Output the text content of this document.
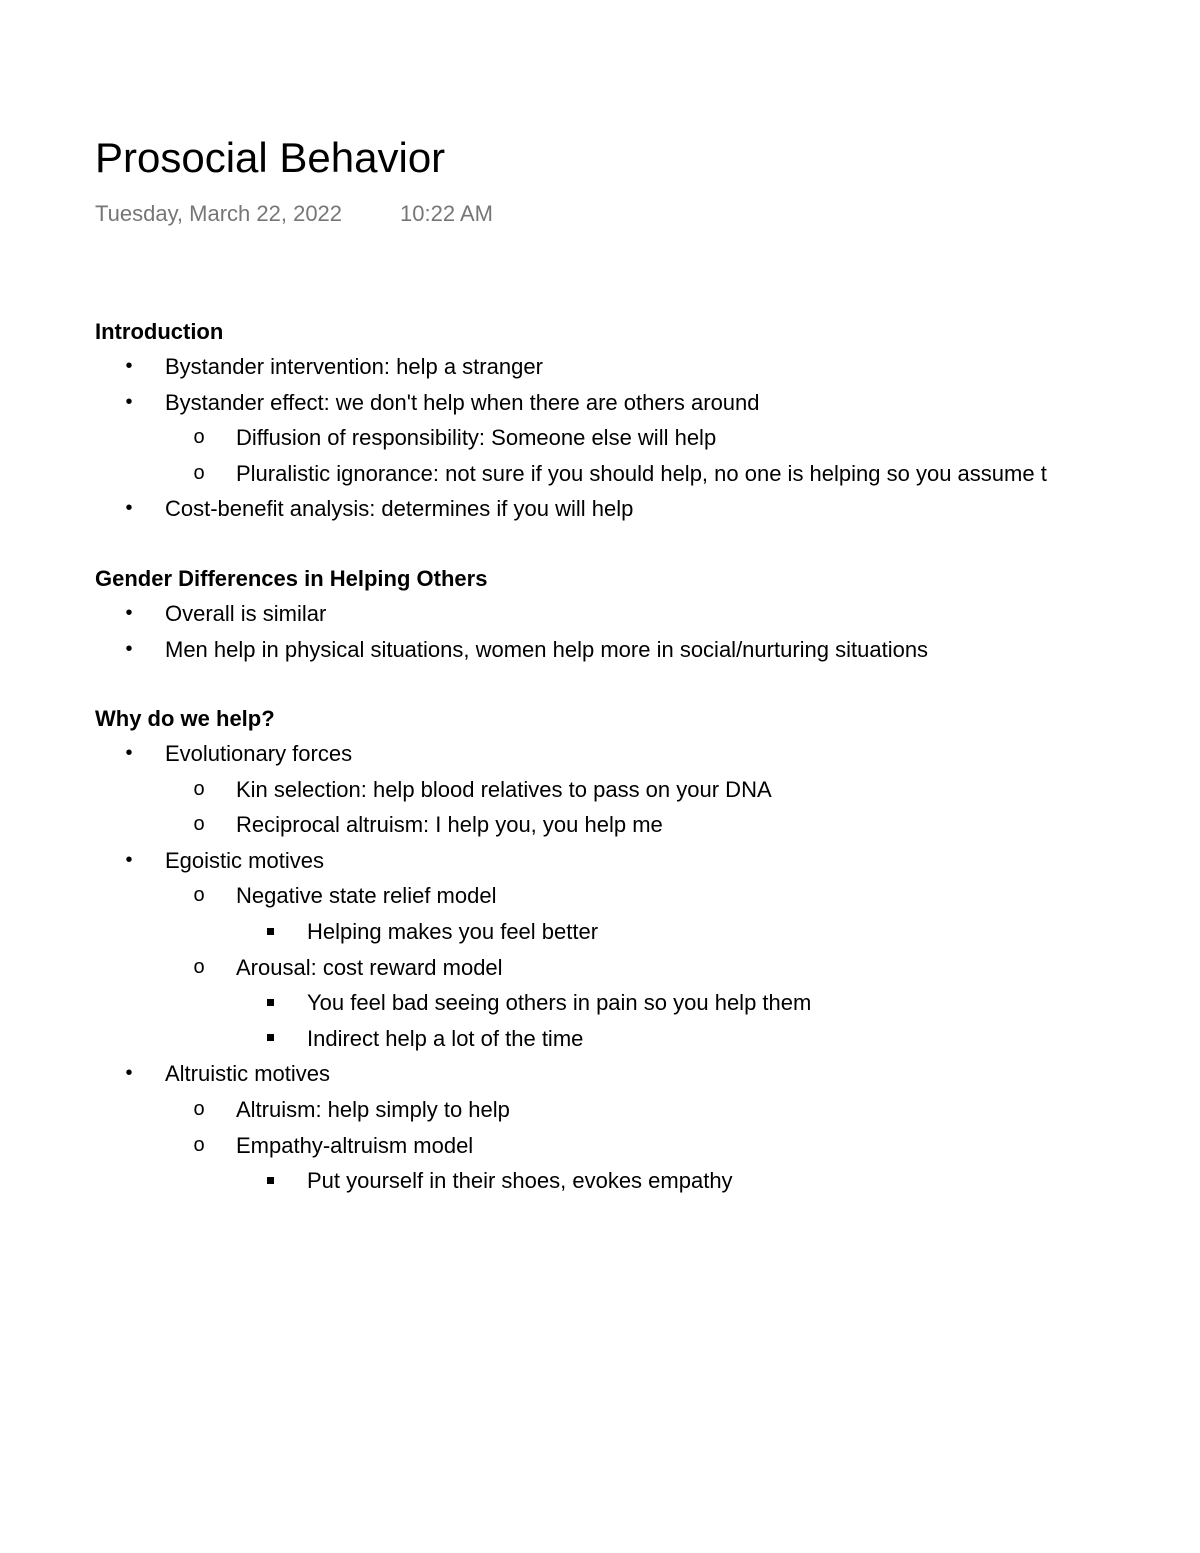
Prosocial Behavior
Tuesday, March 22, 2022	10:22 AM
Introduction
• Bystander intervention: help a stranger
• Bystander effect: we don't help when there are others around
o Diffusion of responsibility: Someone else will help
o Pluralistic ignorance: not sure if you should help, no one is helping so you assume t
• Cost-benefit analysis: determines if you will help
Gender Differences in Helping Others
• Overall is similar
• Men help in physical situations, women help more in social/nurturing situations
Why do we help?
• Evolutionary forces
o Kin selection: help blood relatives to pass on your DNA
o Reciprocal altruism: I help you, you help me
• Egoistic motives
o Negative state relief model
Helping makes you feel better
o Arousal: cost reward model
You feel bad seeing others in pain so you help them
Indirect help a lot of the time
• Altruistic motives
o Altruism: help simply to help
o Empathy-altruism model
Put yourself in their shoes, evokes empathy
